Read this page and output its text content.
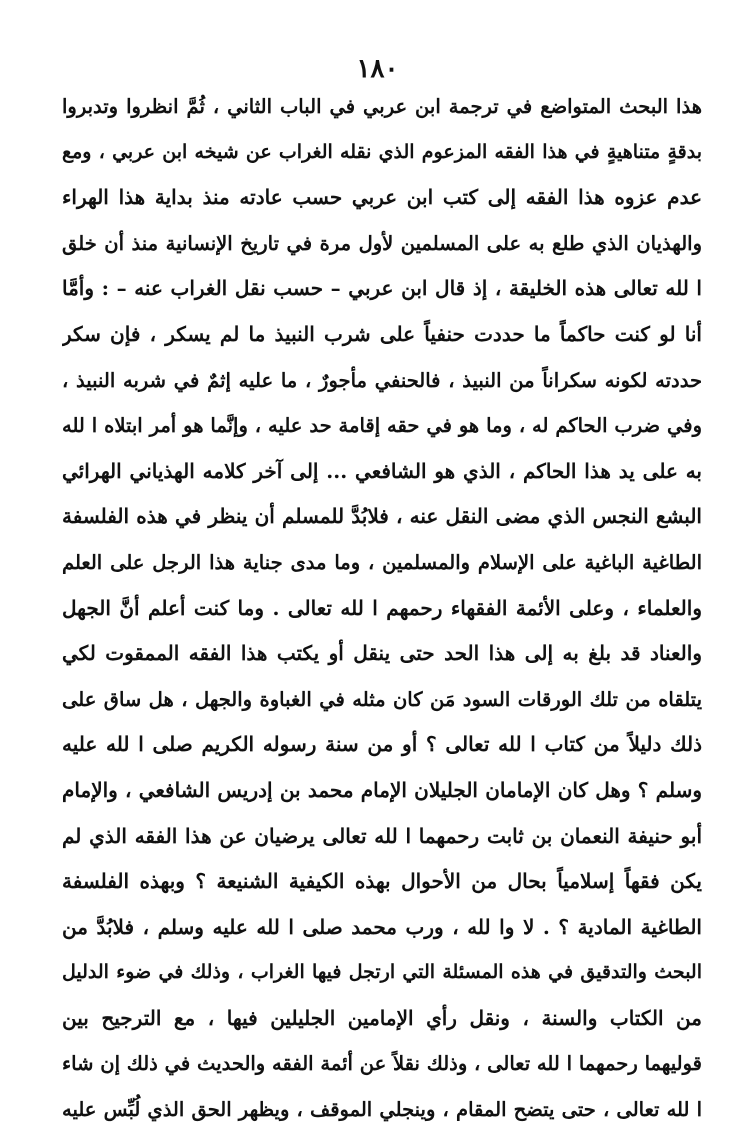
١٨٠
هذا البحث المتواضع في ترجمة ابن عربي في الباب الثاني ، ثُمَّ انظروا وتدبروا
بدقةٍ متناهيةٍ في هذا الفقه المزعوم الذي نقله الغراب عن شيخه ابن عربي ، ومع
عدم عزوه هذا الفقه إلى كتب ابن عربي حسب عادته منذ بداية هذا الهراء
والهذيان الذي طلع به على المسلمين لأول مرة في تاريخ الإنسانية منذ أن خلق
ا لله تعالى هذه الخليقة ، إذ قال ابن عربي – حسب نقل الغراب عنه – : وأمَّا
أنا لو كنت حاكماً ما حددت حنفياً على شرب النبيذ ما لم يسكر ، فإن سكر
حددته لكونه سكراناً من النبيذ ، فالحنفي مأجورٌ ، ما عليه إثمٌ في شربه النبيذ ،
وفي ضرب الحاكم له ، وما هو في حقه إقامة حد عليه ، وإنَّما هو أمر ابتلاه ا لله
به على يد هذا الحاكم ، الذي هو الشافعي ... إلى آخر كلامه الهذياني الهرائي
البشع النجس الذي مضى النقل عنه ، فلابُدَّ للمسلم أن ينظر في هذه الفلسفة
الطاغية الباغية على الإسلام والمسلمين ، وما مدى جناية هذا الرجل على العلم
والعلماء ، وعلى الأئمة الفقهاء رحمهم ا لله تعالى . وما كنت أعلم أنَّ الجهل
والعناد قد بلغ به إلى هذا الحد حتى ينقل أو يكتب هذا الفقه الممقوت لكي
يتلقاه من تلك الورقات السود مَن كان مثله في الغباوة والجهل ، هل ساق على
ذلك دليلاً من كتاب ا لله تعالى ؟ أو من سنة رسوله الكريم صلى ا لله عليه
وسلم ؟ وهل كان الإمامان الجليلان الإمام محمد بن إدريس الشافعي ، والإمام
أبو حنيفة النعمان بن ثابت رحمهما ا لله تعالى يرضيان عن هذا الفقه الذي لم
يكن فقهاً إسلامياً بحال من الأحوال بهذه الكيفية الشنيعة ؟ وبهذه الفلسفة
الطاغية المادية ؟ . لا وا لله ، ورب محمد صلى ا لله عليه وسلم ، فلابُدَّ من
البحث والتدقيق في هذه المسئلة التي ارتجل فيها الغراب ، وذلك في ضوء الدليل
من الكتاب والسنة ، ونقل رأي الإمامين الجليلين فيها ، مع الترجيح بين
قوليهما رحمهما ا لله تعالى ، وذلك نقلاً عن أئمة الفقه والحديث في ذلك إن شاء
ا لله تعالى ، حتى يتضح المقام ، وينجلي الموقف ، ويظهر الحق الذي لُبِّس عليه
